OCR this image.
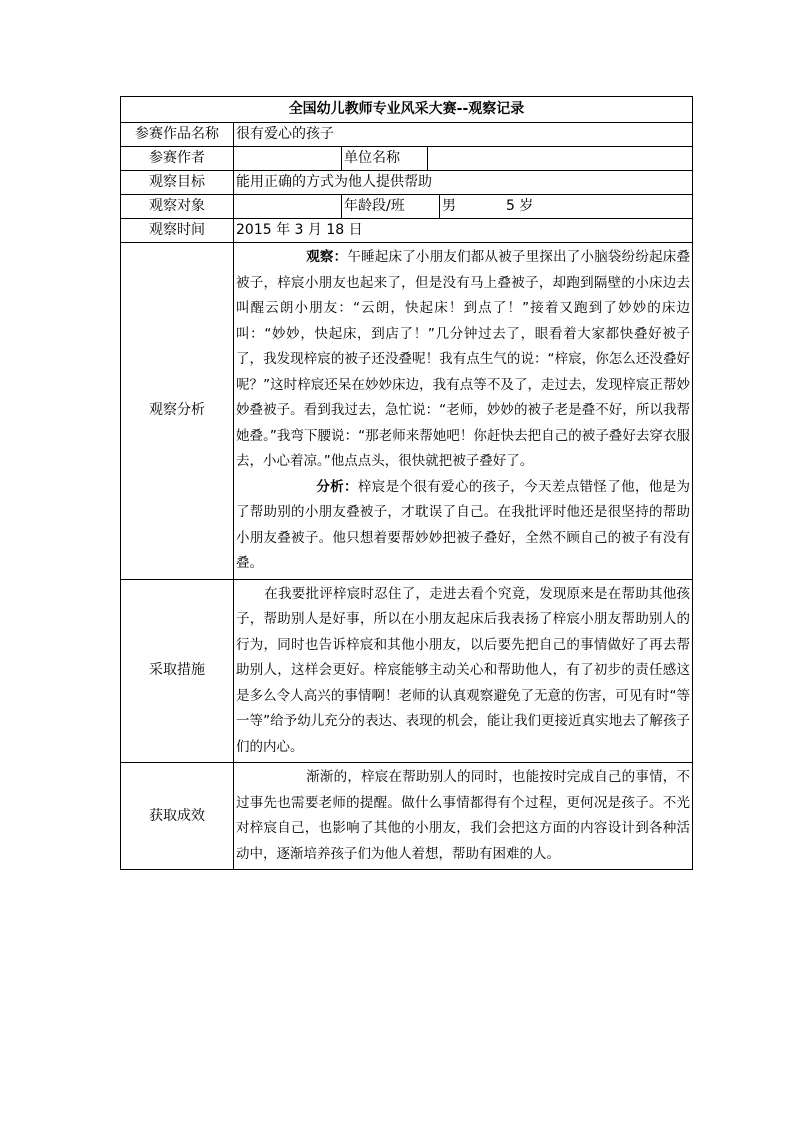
全国幼儿教师专业风采大赛--观察记录				
参赛作品名称	很有爱心的孩子			
参赛作者		单位名称		
观察目标	能用正确的方式为他人提供帮助			
观察对象		年龄段/班		男 5 岁
观察时间	2015 年 3 月 18 日			
观察分析	观察：午睡起床了小朋友们都从被子里探出了小脑袋纷纷起床叠被子，梓宸小朋友也起来了，但是没有马上叠被子，却跑到隔壁的小床边去叫醒云朗小朋友：“云朗，快起床！到点了！”接着又跑到了妙妙的床边叫：“妙妙，快起床，到店了！”几分钟过去了，眼看着大家都快叠好被子了，我发现梓宸的被子还没叠呢！我有点生气的说：“梓宸，你怎么还没叠好呢？”这时梓宸还呆在妙妙床边，我有点等不及了，走过去，发现梓宸正帮妙妙叠被子。看到我过去，急忙说：“老师，妙妙的被子老是叠不好，所以我帮她叠。”我弯下腰说：“那老师来帮她吧！你赶快去把自己的被子叠好去穿衣服去，小心着凉。”他点点头，很快就把被子叠好了。
分析：梓宸是个很有爱心的孩子，今天差点错怪了他，他是为了帮助别的小朋友叠被子，才耽误了自己。在我批评时他还是很坚持的帮助小朋友叠被子。他只想着要帮妙妙把被子叠好，全然不顾自己的被子有没有叠。			

采取措施	在我要批评梓宸时忍住了，走进去看个究竟，发现原来是在帮助其他孩子，帮助别人是好事，所以在小朋友起床后我表扬了梓宸小朋友帮助别人的行为，同时也告诉梓宸和其他小朋友，以后要先把自己的事情做好了再去帮助别人，这样会更好。梓宸能够主动关心和帮助他人，有了初步的责任感这是多么令人高兴的事情啊！老师的认真观察避免了无意的伤害，可见有时“等一等”给予幼儿充分的表达、表现的机会，能让我们更接近真实地去了解孩子们的内心。			
获取成效	渐渐的，梓宸在帮助别人的同时，也能按时完成自己的事情，不过事先也需要老师的提醒。做什么事情都得有个过程，更何况是孩子。不光对梓宸自己，也影响了其他的小朋友，我们会把这方面的内容设计到各种活动中，逐渐培养孩子们为他人着想，帮助有困难的人。			
